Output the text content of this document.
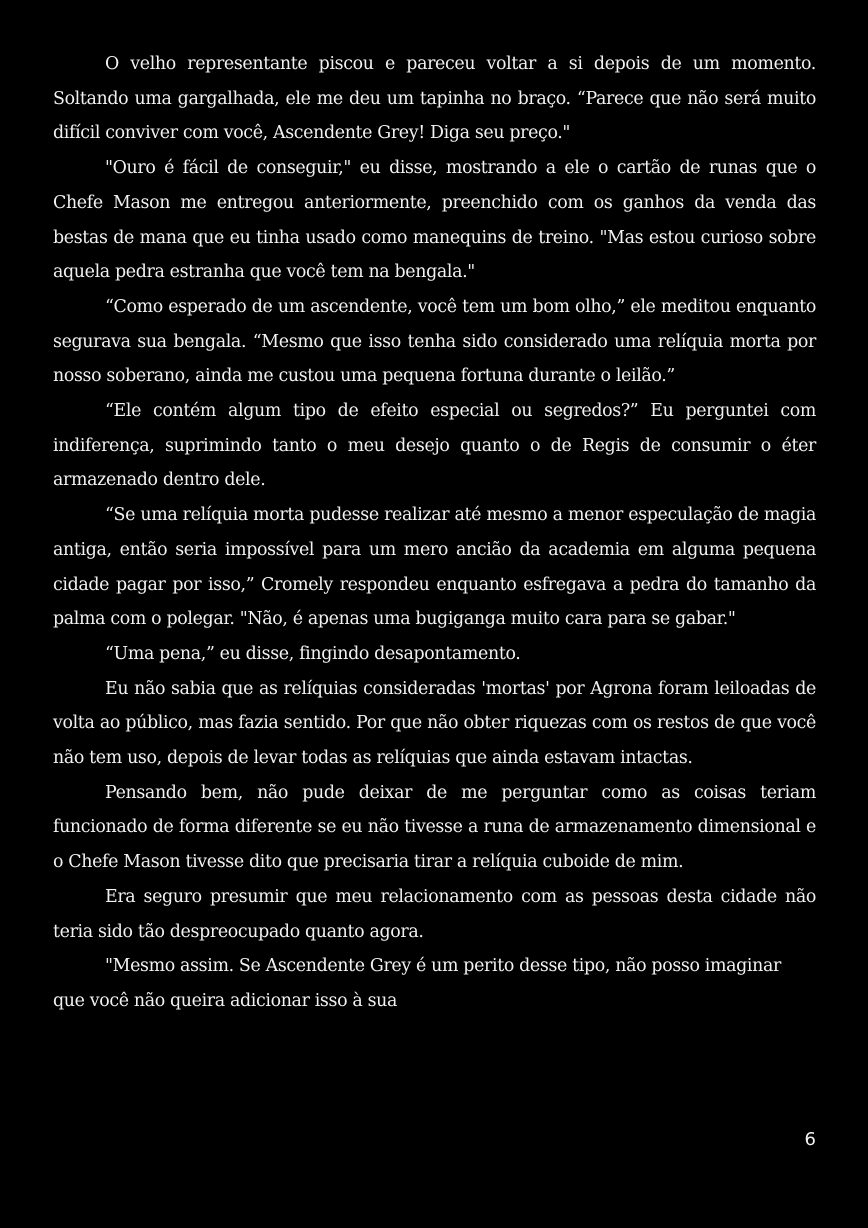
O velho representante piscou e pareceu voltar a si depois de um momento. Soltando uma gargalhada, ele me deu um tapinha no braço. “Parece que não será muito difícil conviver com você, Ascendente Grey! Diga seu preço."

"Ouro é fácil de conseguir," eu disse, mostrando a ele o cartão de runas que o Chefe Mason me entregou anteriormente, preenchido com os ganhos da venda das bestas de mana que eu tinha usado como manequins de treino. "Mas estou curioso sobre aquela pedra estranha que você tem na bengala."

“Como esperado de um ascendente, você tem um bom olho,” ele meditou enquanto segurava sua bengala. “Mesmo que isso tenha sido considerado uma relíquia morta por nosso soberano, ainda me custou uma pequena fortuna durante o leilão.”

“Ele contém algum tipo de efeito especial ou segredos?” Eu perguntei com indiferença, suprimindo tanto o meu desejo quanto o de Regis de consumir o éter armazenado dentro dele.

“Se uma relíquia morta pudesse realizar até mesmo a menor especulação de magia antiga, então seria impossível para um mero ancião da academia em alguma pequena cidade pagar por isso,” Cromely respondeu enquanto esfregava a pedra do tamanho da palma com o polegar. "Não, é apenas uma bugiganga muito cara para se gabar."

“Uma pena,” eu disse, fingindo desapontamento.

Eu não sabia que as relíquias consideradas 'mortas' por Agrona foram leiloadas de volta ao público, mas fazia sentido. Por que não obter riquezas com os restos de que você não tem uso, depois de levar todas as relíquias que ainda estavam intactas.

Pensando bem, não pude deixar de me perguntar como as coisas teriam funcionado de forma diferente se eu não tivesse a runa de armazenamento dimensional e o Chefe Mason tivesse dito que precisaria tirar a relíquia cuboide de mim.

Era seguro presumir que meu relacionamento com as pessoas desta cidade não teria sido tão despreocupado quanto agora.

"Mesmo assim. Se Ascendente Grey é um perito desse tipo, não posso imaginar que você não queira adicionar isso à sua

6
